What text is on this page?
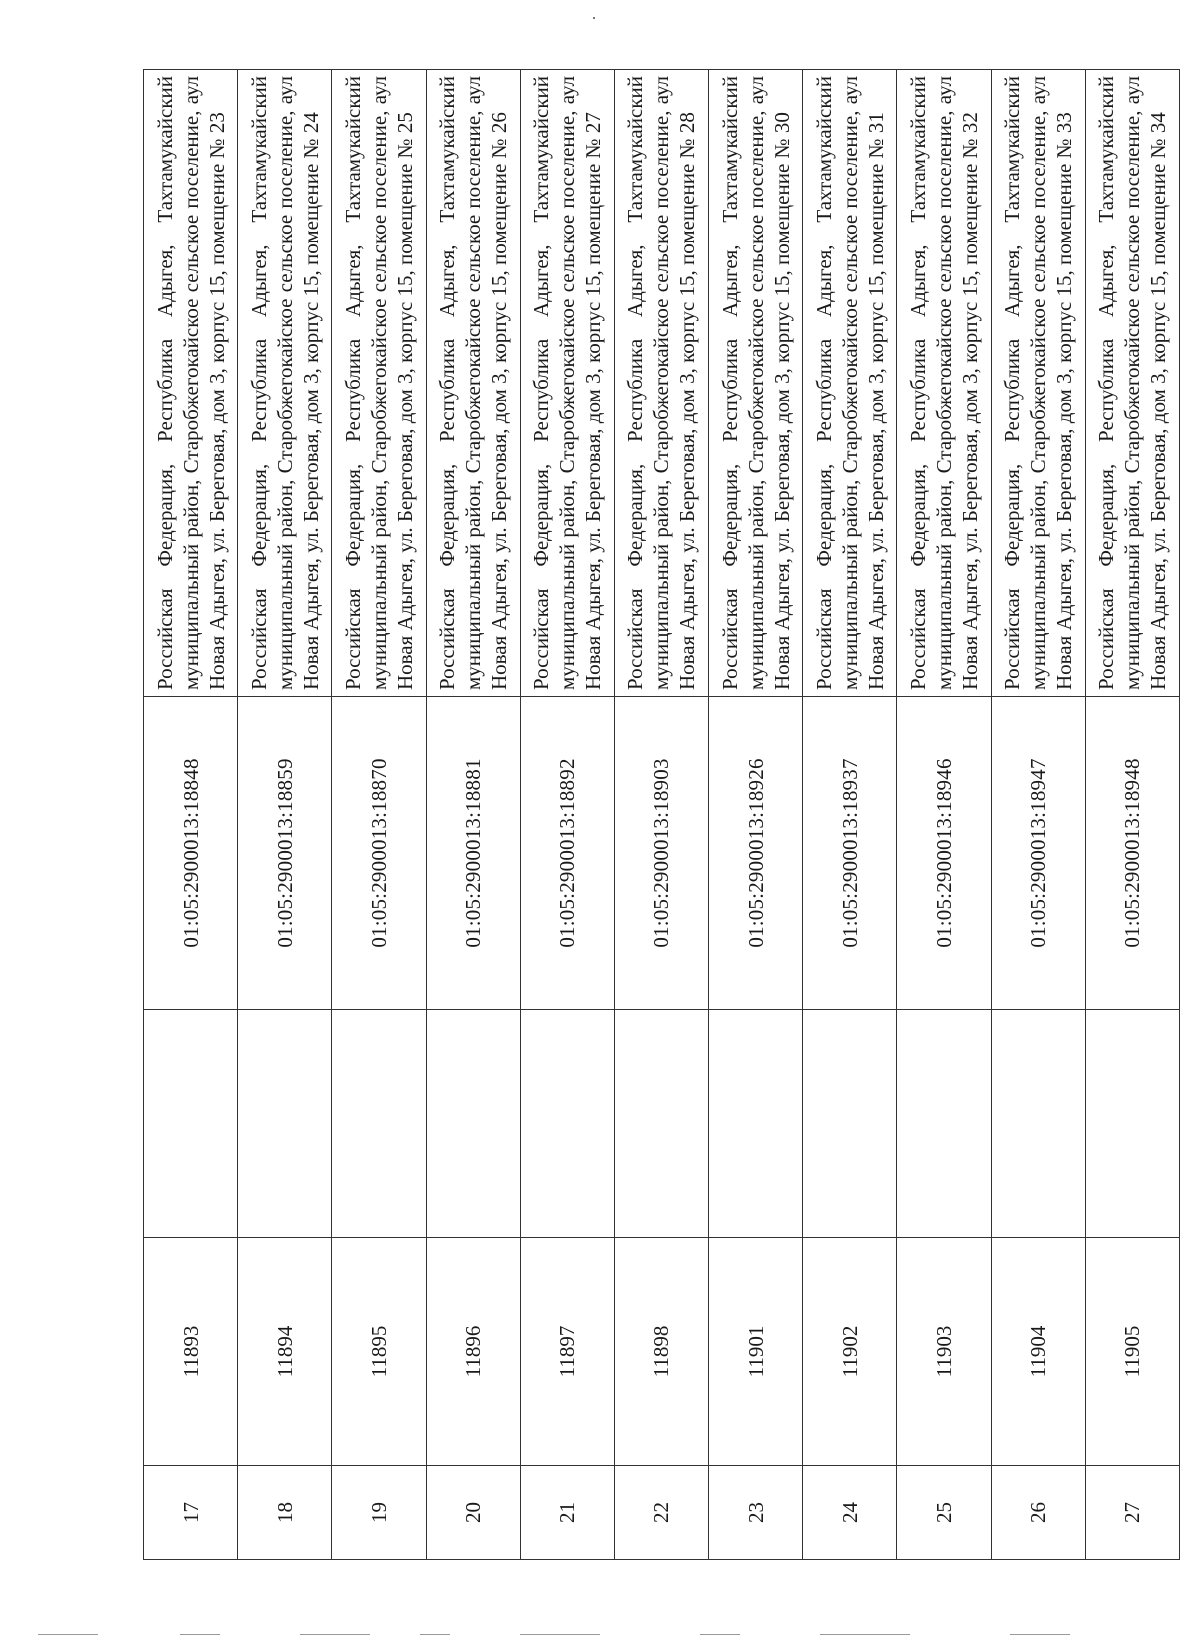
17	11893		01:05:2900013:18848	Российская Федерация, Республика Адыгея, Тахтамукайский муниципальный район, Старобжегокайское сельское поселение, аул Новая Адыгея, ул. Береговая, дом 3, корпус 15, помещение № 23
18	11894		01:05:2900013:18859	Российская Федерация, Республика Адыгея, Тахтамукайский муниципальный район, Старобжегокайское сельское поселение, аул Новая Адыгея, ул. Береговая, дом 3, корпус 15, помещение № 24
19	11895		01:05:2900013:18870	Российская Федерация, Республика Адыгея, Тахтамукайский муниципальный район, Старобжегокайское сельское поселение, аул Новая Адыгея, ул. Береговая, дом 3, корпус 15, помещение № 25
20	11896		01:05:2900013:18881	Российская Федерация, Республика Адыгея, Тахтамукайский муниципальный район, Старобжегокайское сельское поселение, аул Новая Адыгея, ул. Береговая, дом 3, корпус 15, помещение № 26
21	11897		01:05:2900013:18892	Российская Федерация, Республика Адыгея, Тахтамукайский муниципальный район, Старобжегокайское сельское поселение, аул Новая Адыгея, ул. Береговая, дом 3, корпус 15, помещение № 27
22	11898		01:05:2900013:18903	Российская Федерация, Республика Адыгея, Тахтамукайский муниципальный район, Старобжегокайское сельское поселение, аул Новая Адыгея, ул. Береговая, дом 3, корпус 15, помещение № 28
23	11901		01:05:2900013:18926	Российская Федерация, Республика Адыгея, Тахтамукайский муниципальный район, Старобжегокайское сельское поселение, аул Новая Адыгея, ул. Береговая, дом 3, корпус 15, помещение № 30
24	11902		01:05:2900013:18937	Российская Федерация, Республика Адыгея, Тахтамукайский муниципальный район, Старобжегокайское сельское поселение, аул Новая Адыгея, ул. Береговая, дом 3, корпус 15, помещение № 31
25	11903		01:05:2900013:18946	Российская Федерация, Республика Адыгея, Тахтамукайский муниципальный район, Старобжегокайское сельское поселение, аул Новая Адыгея, ул. Береговая, дом 3, корпус 15, помещение № 32
26	11904		01:05:2900013:18947	Российская Федерация, Республика Адыгея, Тахтамукайский муниципальный район, Старобжегокайское сельское поселение, аул Новая Адыгея, ул. Береговая, дом 3, корпус 15, помещение № 33
27	11905		01:05:2900013:18948	Российская Федерация, Республика Адыгея, Тахтамукайский муниципальный район, Старобжегокайское сельское поселение, аул Новая Адыгея, ул. Береговая, дом 3, корпус 15, помещение № 34
